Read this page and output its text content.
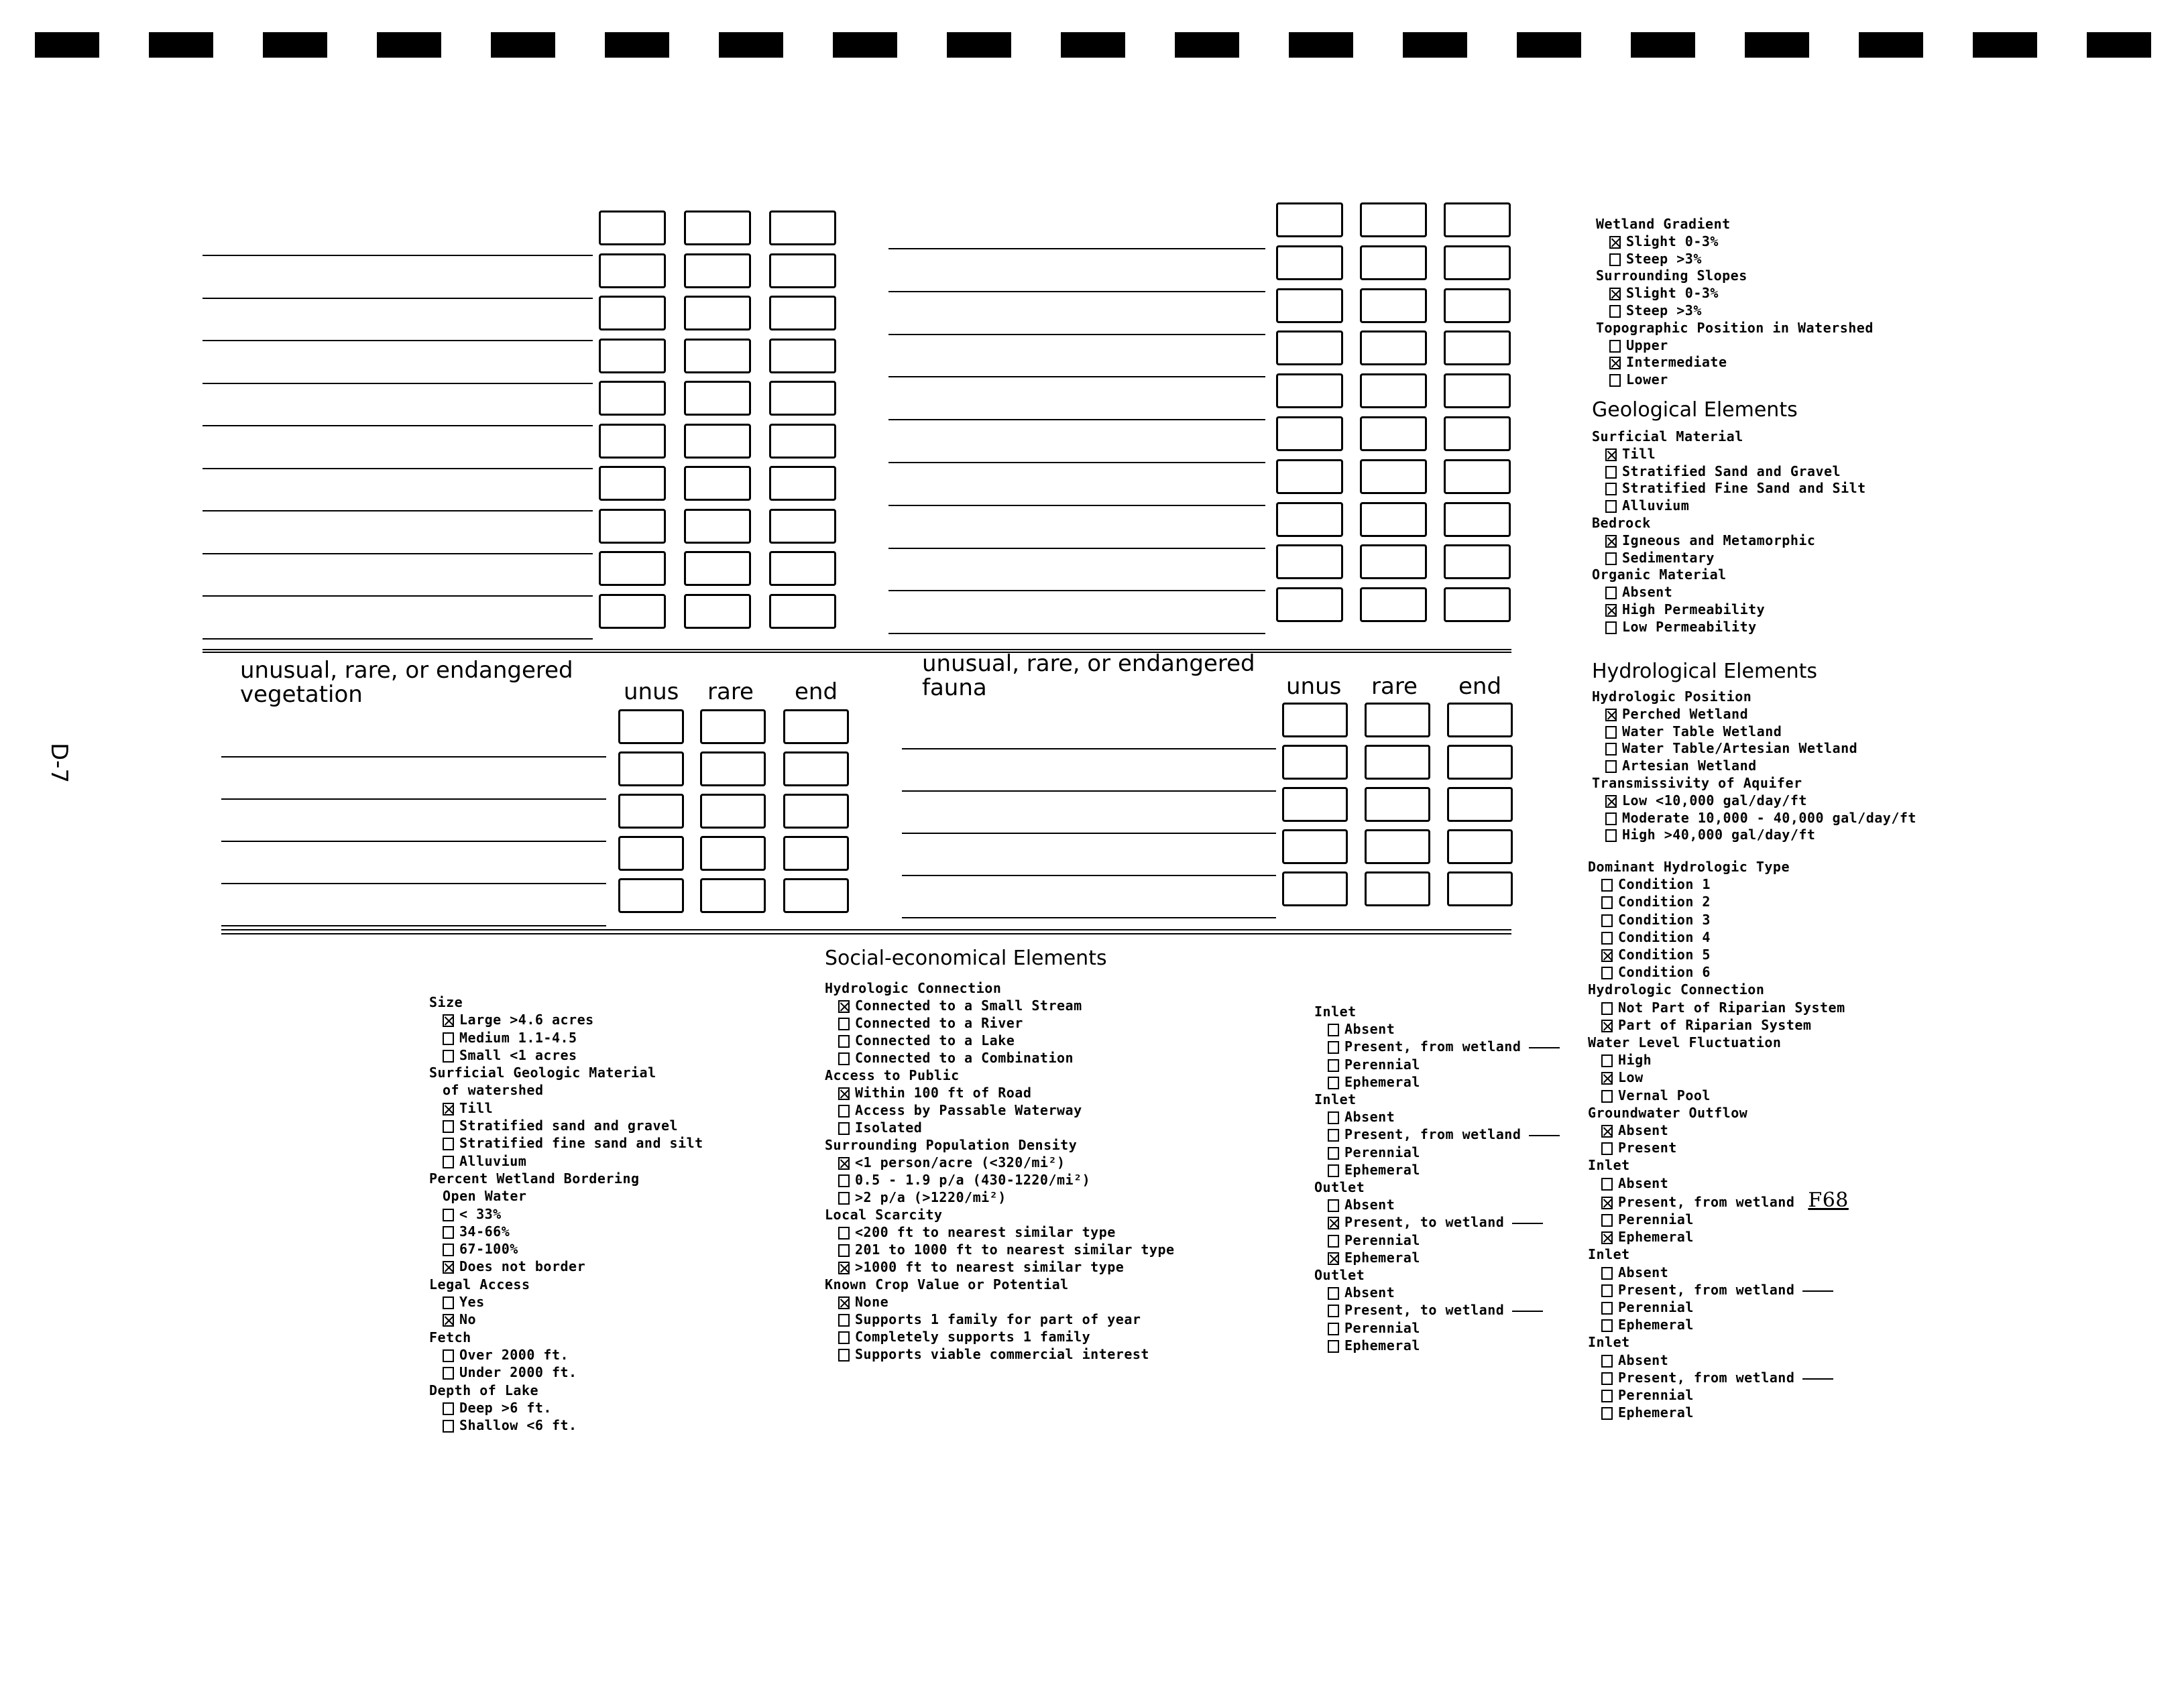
D-7
unusual, rare, or endangered
vegetation	unus rare end
unusual, rare, or endangered
fauna	unus rare end
Social-economical Elements
Hydrologic Connection
Connected to a Small Stream
Connected to a River
Connected to a Lake
Connected to a Combination
Access to Public
Within 100 ft of Road
Access by Passable Waterway
Isolated
Surrounding Population Density
<1 person/acre (<320/mi²)
0.5 - 1.9 p/a (430-1220/mi²)
>2 p/a (>1220/mi²)
Local Scarcity
<200 ft to nearest similar type
201 to 1000 ft to nearest similar type
>1000 ft to nearest similar type
Known Crop Value or Potential
None
Supports 1 family for part of year
Completely supports 1 family
Supports viable commercial interest
Size
Large >4.6 acres
Medium 1.1-4.5
Small <1 acres
Surficial Geologic Material
of watershed
Till
Stratified sand and gravel
Stratified fine sand and silt
Alluvium
Percent Wetland Bordering
Open Water
< 33%
34-66%
67-100%
Does not border
Legal Access
Yes
No
Fetch
Over 2000 ft.
Under 2000 ft.
Depth of Lake
Deep >6 ft.
Shallow <6 ft.
Inlet
Absent
Present, from wetland
Perennial
Ephemeral
Inlet
Absent
Present, from wetland
Perennial
Ephemeral
Outlet
Absent
Present, to wetland
Perennial
Ephemeral
Outlet
Absent
Present, to wetland
Perennial
Ephemeral
Wetland Gradient
Slight 0-3%
Steep >3%
Surrounding Slopes
Slight 0-3%
Steep >3%
Topographic Position in Watershed
Upper
Intermediate
Lower
Geological Elements
Surficial Material
Till
Stratified Sand and Gravel
Stratified Fine Sand and Silt
Alluvium
Bedrock
Igneous and Metamorphic
Sedimentary
Organic Material
Absent
High Permeability
Low Permeability
Hydrological Elements
Hydrologic Position
Perched Wetland
Water Table Wetland
Water Table/Artesian Wetland
Artesian Wetland
Transmissivity of Aquifer
Low <10,000 gal/day/ft
Moderate 10,000 - 40,000 gal/day/ft
High >40,000 gal/day/ft
Dominant Hydrologic Type
Condition 1
Condition 2
Condition 3
Condition 4
Condition 5
Condition 6
Hydrologic Connection
Not Part of Riparian System
Part of Riparian System
Water Level Fluctuation
High
Low
Vernal Pool
Groundwater Outflow
Absent
Present
Inlet
Absent
Present, from wetland F68
Perennial
Ephemeral
Inlet
Absent
Present, from wetland
Perennial
Ephemeral
Inlet
Absent
Present, from wetland
Perennial
Ephemeral
